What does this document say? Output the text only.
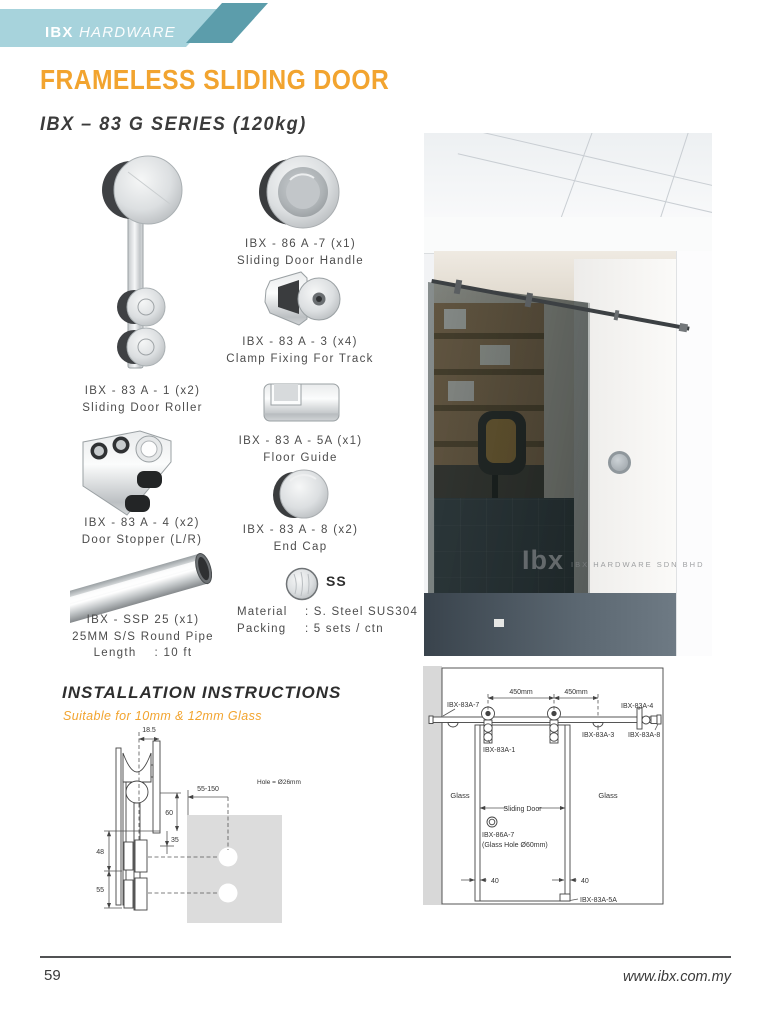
IBX HARDWARE
FRAMELESS SLIDING DOOR
IBX – 83 G SERIES (120kg)
IBX - 83 A - 1 (x2)
Sliding Door Roller
IBX - 83 A - 4 (x2)
Door Stopper (L/R)
IBX - SSP 25 (x1)
25MM S/S Round Pipe
Length    : 10 ft
IBX - 86 A -7 (x1)
Sliding Door Handle
IBX - 83 A - 3 (x4)
Clamp Fixing For Track
IBX - 83 A - 5A (x1)
Floor Guide
IBX - 83 A - 8 (x2)
End Cap
SS
Material	: S. Steel SUS304
Packing	: 5 sets / ctn
Ibx IBX HARDWARE SDN BHD
INSTALLATION INSTRUCTIONS
Suitable for 10mm & 12mm Glass
18.5
60
35
48
55
55-150
Hole = Ø26mm
450mm	450mm
IBX-83A-7	IBX-83A-4
IBX-83A-1
IBX-83A-3 IBX-83A-8
Glass	Glass
Sliding Door
IBX-86A-7
(Glass Hole Ø60mm)
40	40
IBX-83A-5A
59	www.ibx.com.my
